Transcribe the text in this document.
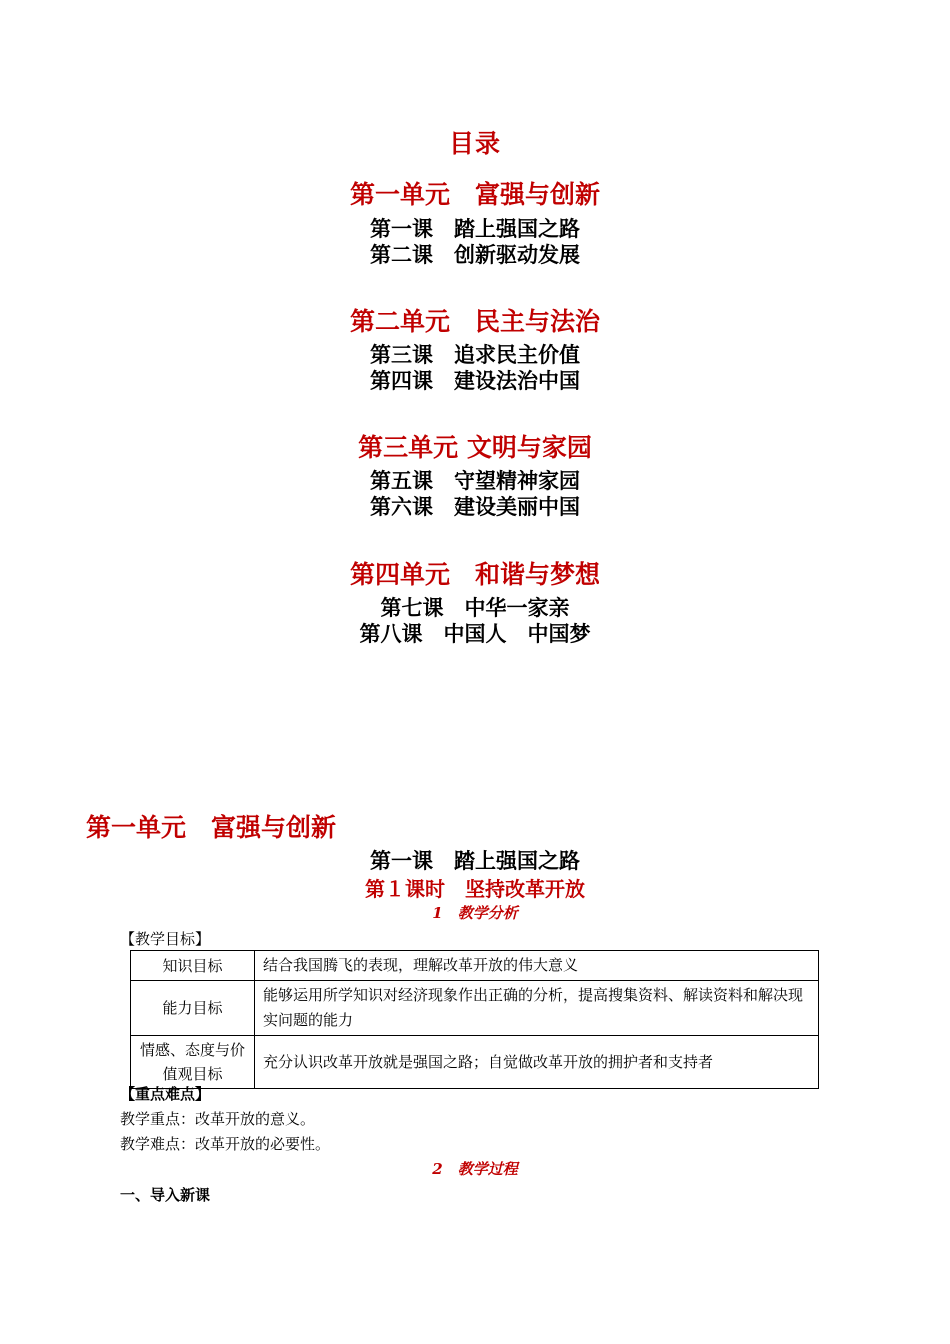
目录
第一单元　富强与创新
第一课　踏上强国之路
第二课　创新驱动发展
第二单元　民主与法治
第三课　追求民主价值
第四课　建设法治中国
第三单元 文明与家园
第五课　守望精神家园
第六课　建设美丽中国
第四单元　和谐与梦想
第七课　中华一家亲
第八课　中国人　中国梦
第一单元　富强与创新
第一课　踏上强国之路
第１课时　坚持改革开放
1　教学分析
【教学目标】
知识目标	结合我国腾飞的表现，理解改革开放的伟大意义
能力目标	能够运用所学知识对经济现象作出正确的分析，提高搜集资料、解读资料和解决现实问题的能力
情感、态度与价值观目标	充分认识改革开放就是强国之路；自觉做改革开放的拥护者和支持者
【重点难点】
教学重点：改革开放的意义。
教学难点：改革开放的必要性。
2　教学过程
一、导入新课
